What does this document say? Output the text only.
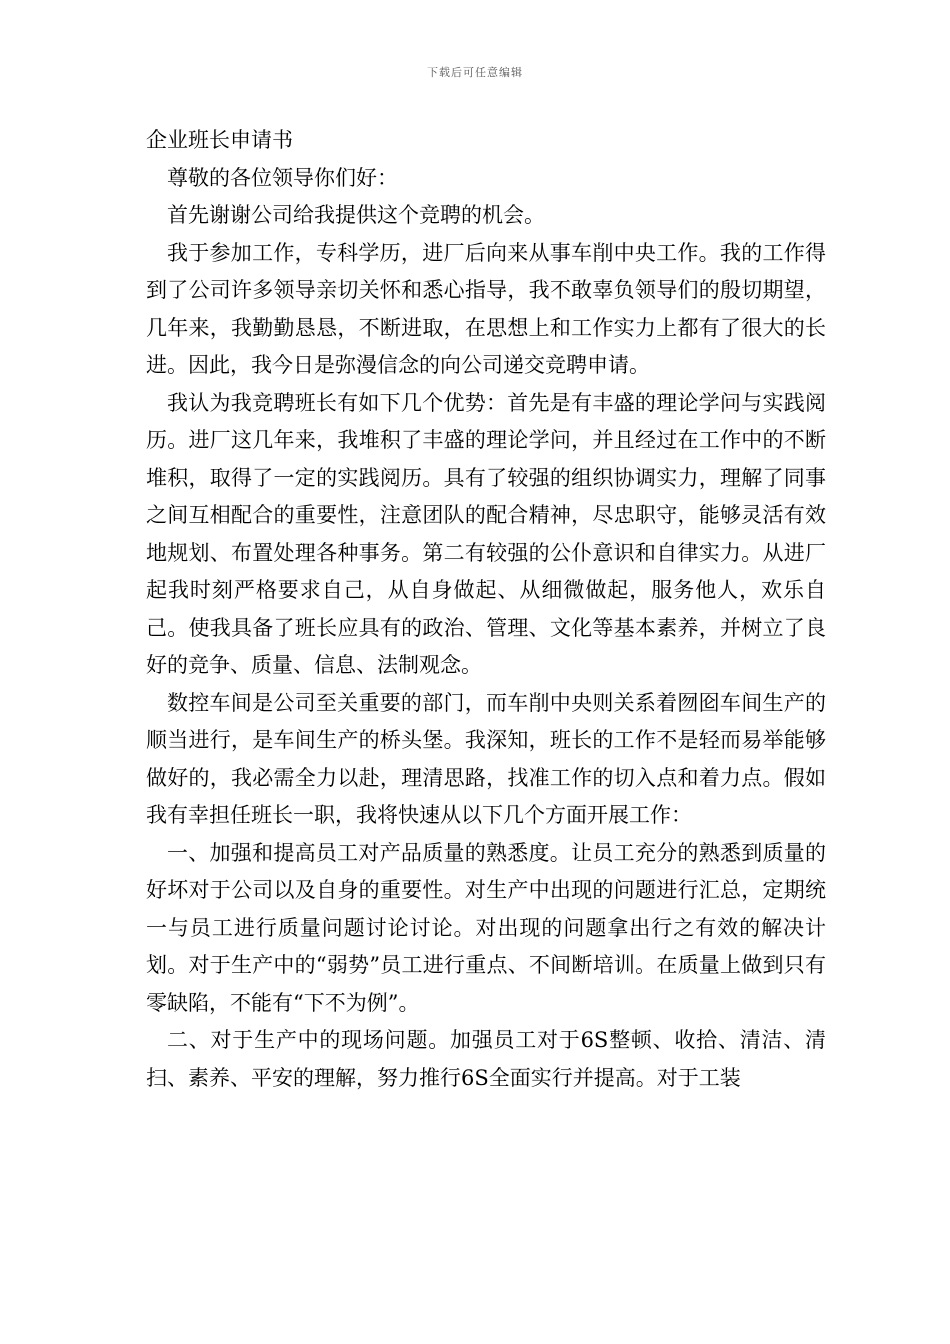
下载后可任意编辑

企业班长申请书

尊敬的各位领导你们好：

首先谢谢公司给我提供这个竞聘的机会。

我于参加工作，专科学历，进厂后向来从事车削中央工作。我的工作得到了公司许多领导亲切关怀和悉心指导，我不敢辜负领导们的殷切期望，几年来，我勤勤恳恳，不断进取，在思想上和工作实力上都有了很大的长进。因此，我今日是弥漫信念的向公司递交竞聘申请。

我认为我竞聘班长有如下几个优势：首先是有丰盛的理论学问与实践阅历。进厂这几年来，我堆积了丰盛的理论学问，并且经过在工作中的不断堆积，取得了一定的实践阅历。具有了较强的组织协调实力，理解了同事之间互相配合的重要性，注意团队的配合精神，尽忠职守，能够灵活有效地规划、布置处理各种事务。第二有较强的公仆意识和自律实力。从进厂起我时刻严格要求自己，从自身做起、从细微做起，服务他人，欢乐自己。使我具备了班长应具有的政治、管理、文化等基本素养，并树立了良好的竞争、质量、信息、法制观念。

数控车间是公司至关重要的部门，而车削中央则关系着囫囵车间生产的顺当进行，是车间生产的桥头堡。我深知，班长的工作不是轻而易举能够做好的，我必需全力以赴，理清思路，找准工作的切入点和着力点。假如我有幸担任班长一职，我将快速从以下几个方面开展工作：

一、加强和提高员工对产品质量的熟悉度。让员工充分的熟悉到质量的好坏对于公司以及自身的重要性。对生产中出现的问题进行汇总，定期统一与员工进行质量问题讨论讨论。对出现的问题拿出行之有效的解决计划。对于生产中的“弱势”员工进行重点、不间断培训。在质量上做到只有零缺陷，不能有“下不为例”。

二、对于生产中的现场问题。加强员工对于6S整顿、收拾、清洁、清扫、素养、平安的理解，努力推行6S全面实行并提高。对于工装
